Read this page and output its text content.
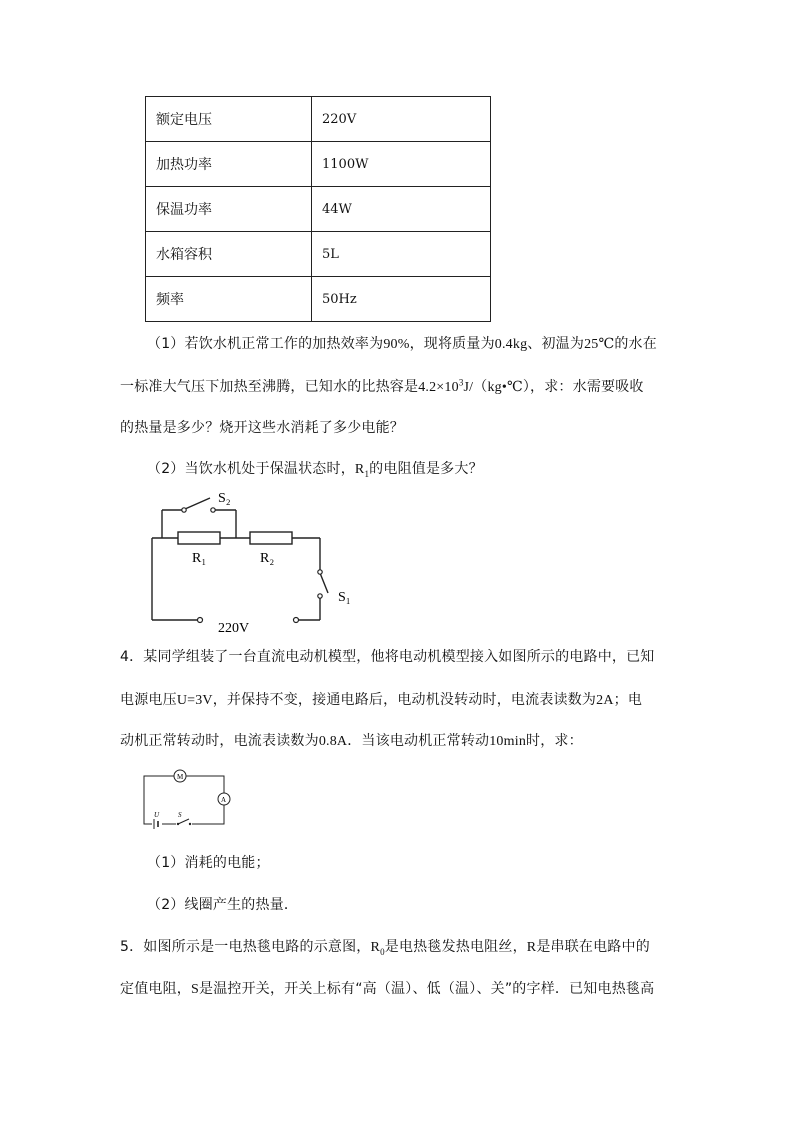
额定电压	220V
加热功率	1100W
保温功率	44W
水箱容积	5L
频率	50Hz
（1）若饮水机正常工作的加热效率为90%，现将质量为0.4kg、初温为25℃的水在
一标准大气压下加热至沸腾，已知水的比热容是$4.2\times 10^3J/(kg•℃)$，求：水需要吸收
的热量是多少？烧开这些水消耗了多少电能？
（2）当饮水机处于保温状态时，$R_1$的电阻值是多大？
S₂
R₁	R₂
S₁
220V
4．某同学组装了一台直流电动机模型，他将电动机模型接入如图所示的电路中，已知
电源电压U=3V，并保持不变，接通电路后，电动机没转动时，电流表读数为2A；电
动机正常转动时，电流表读数为0.8A．当该电动机正常转动10min时，求：
M
A
U	S
（1）消耗的电能；
（2）线圈产生的热量．
5．如图所示是一电热毯电路的示意图，$R_0$是电热毯发热电阻丝，R是串联在电路中的
定值电阻，S是温控开关，开关上标有“高（温）、低（温）、关”的字样．已知电热毯高
